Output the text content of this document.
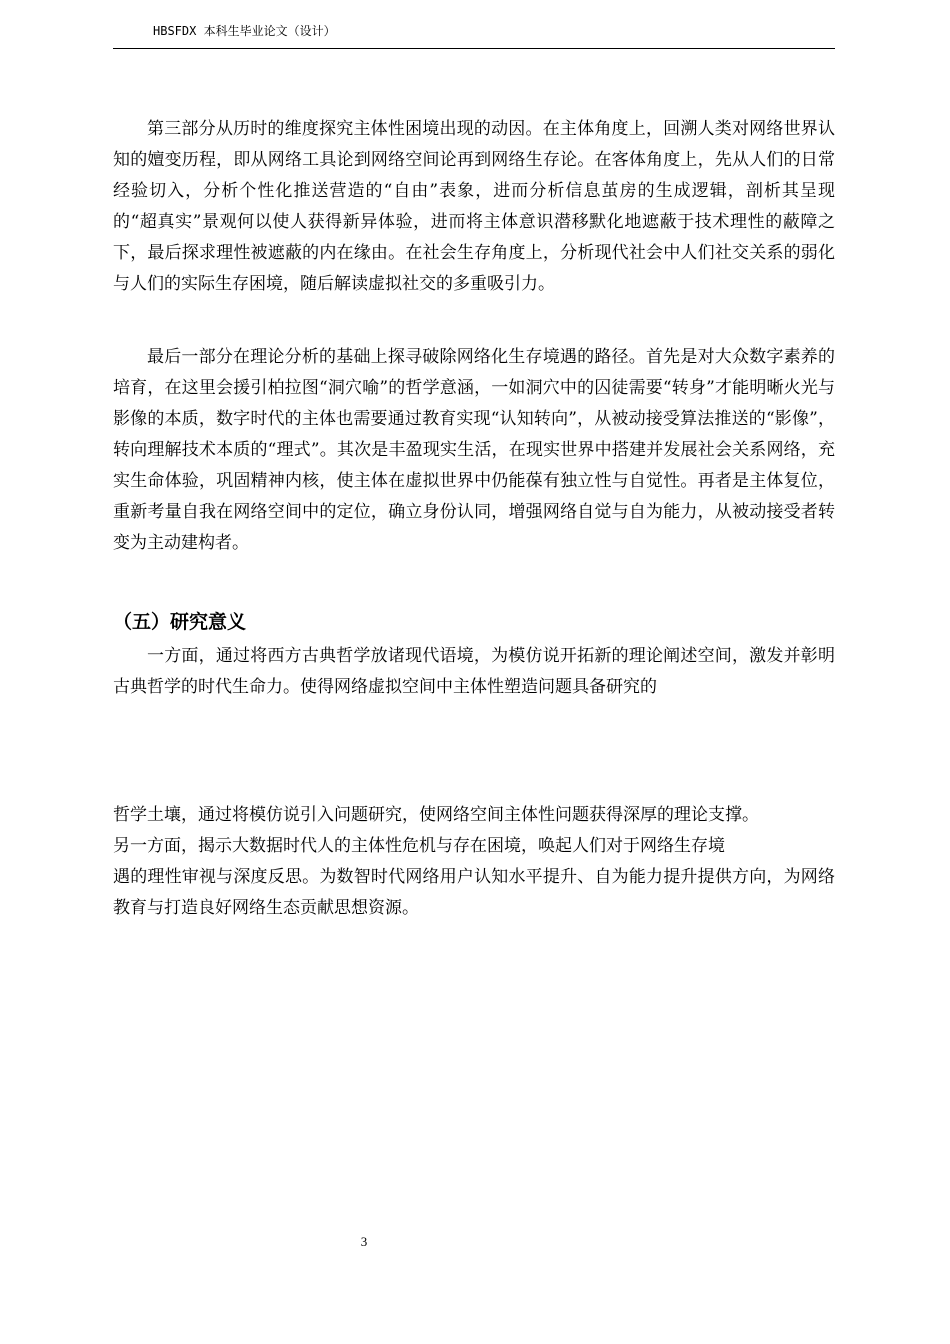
HBSFDX 本科生毕业论文（设计）

第三部分从历时的维度探究主体性困境出现的动因。在主体角度上，回溯人类对网络世界认知的嬗变历程，即从网络工具论到网络空间论再到网络生存论。在客体角度上，先从人们的日常经验切入，分析个性化推送营造的“自由”表象，进而分析信息茧房的生成逻辑，剖析其呈现的“超真实”景观何以使人获得新异体验，进而将主体意识潜移默化地遮蔽于技术理性的蔽障之下，最后探求理性被遮蔽的内在缘由。在社会生存角度上，分析现代社会中人们社交关系的弱化与人们的实际生存困境，随后解读虚拟社交的多重吸引力。

最后一部分在理论分析的基础上探寻破除网络化生存境遇的路径。首先是对大众数字素养的培育，在这里会援引柏拉图“洞穴喻”的哲学意涵，一如洞穴中的囚徒需要“转身”才能明晰火光与影像的本质，数字时代的主体也需要通过教育实现“认知转向”，从被动接受算法推送的“影像”，转向理解技术本质的“理式”。其次是丰盈现实生活，在现实世界中搭建并发展社会关系网络，充实生命体验，巩固精神内核，使主体在虚拟世界中仍能葆有独立性与自觉性。再者是主体复位，重新考量自我在网络空间中的定位，确立身份认同，增强网络自觉与自为能力，从被动接受者转变为主动建构者。

（五）研究意义

一方面，通过将西方古典哲学放诸现代语境，为模仿说开拓新的理论阐述空间，激发并彰明古典哲学的时代生命力。使得网络虚拟空间中主体性塑造问题具备研究的

哲学土壤，通过将模仿说引入问题研究，使网络空间主体性问题获得深厚的理论支撑。
另一方面，揭示大数据时代人的主体性危机与存在困境，唤起人们对于网络生存境

遇的理性审视与深度反思。为数智时代网络用户认知水平提升、自为能力提升提供方向，为网络教育与打造良好网络生态贡献思想资源。

3
